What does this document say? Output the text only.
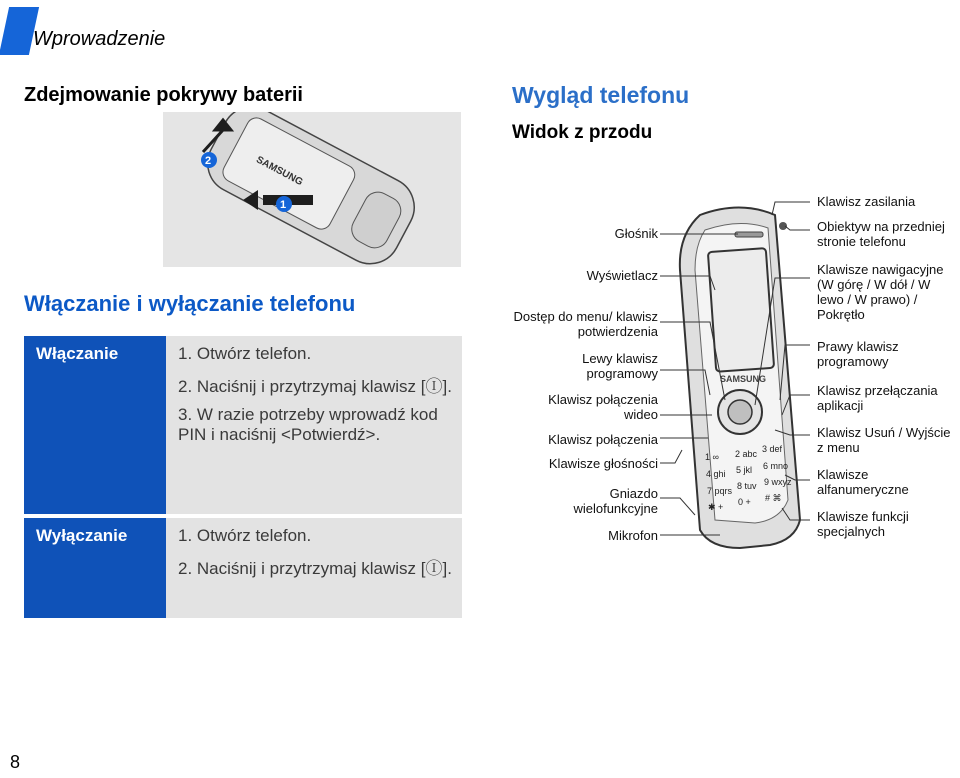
Wprowadzenie
Zdejmowanie pokrywy baterii
SAMSUNG
2
1
Włączanie i wyłączanie telefonu
Włączanie	1. Otwórz telefon.
2. Naciśnij i przytrzymaj klawisz [Ⓘ].
3. W razie potrzeby wprowadź kod PIN i naciśnij <Potwierdź>.

Wyłączanie	1. Otwórz telefon.
2. Naciśnij i przytrzymaj klawisz [Ⓘ].
Wygląd telefonu
Widok z przodu
SAMSUNG
1 ∞ 2 abc 3 def
4 ghi 5 jkl 6 mno
7 pqrs 8 tuv 9 wxyz
✱ + 0 + # ⌘
Głośnik
Wyświetlacz
Dostęp do menu/ klawisz potwierdzenia
Lewy klawisz programowy
Klawisz połączenia wideo
Klawisz połączenia
Klawisze głośności
Gniazdo wielofunkcyjne
Mikrofon
Klawisz zasilania
Obiektyw na przedniej stronie telefonu
Klawisze nawigacyjne (W górę / W dół / W lewo / W prawo) / Pokrętło
Prawy klawisz programowy
Klawisz przełączania aplikacji
Klawisz Usuń / Wyjście z menu
Klawisze alfanumeryczne
Klawisze funkcji specjalnych
8
